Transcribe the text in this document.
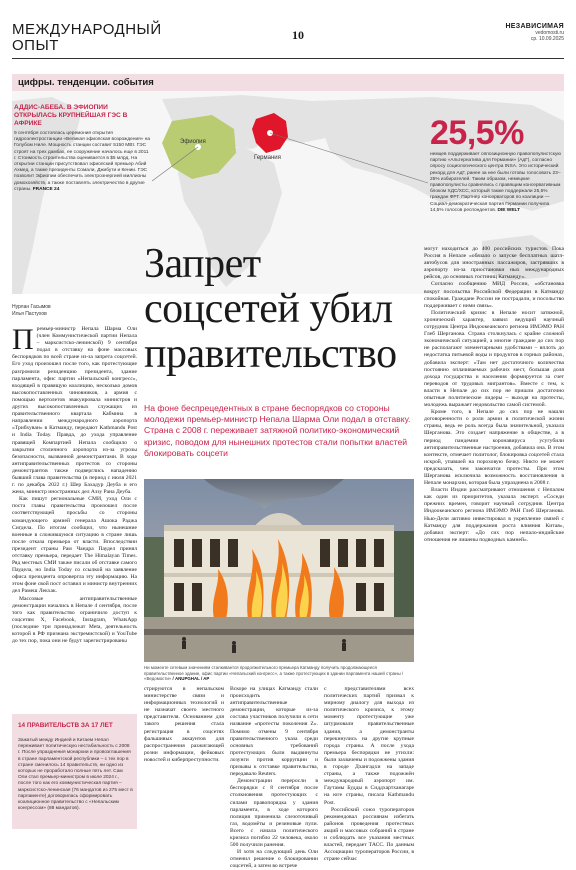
МЕЖДУНАРОДНЫЙ
ОПЫТ
10
НЕЗАВИСИМАЯ
vedomosti.ru
ср. 10.09.2025
цифры. тенденции. события
Эфиопия
Германия
АДДИС-АБЕБА. В ЭФИОПИИ ОТКРЫЛАСЬ КРУПНЕЙШАЯ ГЭС В АФРИКЕ
9 сентября состоялась церемония открытия гидроэлектростанции «Великая эфиопская возрождения» на Голубом Ниле. Мощность станции составит 5150 МВт. ГЭС строят на трех дамбах, ее сооружение началось еще в 2011 г. Стоимость строительства оценивается в $5 млрд. На открытии станции присутствовал эфиопский премьер Абий Ахмед, а также президенты Сомали, Джибути и Кении. ГЭС позволит Эфиопии обеспечить электроэнергией миллионы домохозяйств, а также поставлять электричество в другие страны. FRANCE 24
25,5%
немцев поддерживает оппозиционную правопопулистскую партию «Альтернатива для Германии» (АдГ), согласно опросу социологического центра INSA. Это исторический рекорд для АдГ, ранее за нее были готовы голосовать 23–25% избирателей. Таким образом, немецкие правопопулисты сравнялись с правящим консервативным блоком ХДС/ХСС, который также поддержали 25,5% граждан ФРГ. Партнер консерваторов по коалиции — Социал-демократическая партия Германии получила 14,5% голосов респондентов. DIE WELT
Нурлан Гасымов
Илья Пастухов
Запрет
соцсетей убил
правительство
На фоне беспрецедентных в стране беспорядков со стороны молодежи премьер-министр Непала Шарма Оли подал в отставку. Страна с 2008 г. переживает затяжной политико-экономический кризис, поводом для нынешних протестов стали попытки властей блокировать соцсети
П ремьер-министр Непала Шарма Оли (член Коммунистической партии Непала – марксистско-ленинской) 9 сентября подал в отставку на фоне массовых беспорядков по всей стране из-за запрета соцсетей. Его уход произошел после того, как протестующие разгромили резиденцию президента, здание парламента, офис партии «Непальский конгресс», входящей в правящую коалицию, несколько домов высокопоставленных чиновников, а армия с помощью вертолетов эвакуировала министров и других высокопоставленных служащих из правительственного квартала Кабмина в направлении международного аэропорта «Трибхуван» в Катманду, передают Kathmandu Post и India Today. Правда, до ухода управление правящей Компартией Непала сообщило о закрытии столичного аэропорта из-за угрозы безопасности, вызванной демонстрантами. В ходе антиправительственных протестов со стороны демонстрантов также подверглись нападению бывший глава правительства (в период с июля 2021 г. по декабрь 2022 г.) Шер Бахадур Деуба и его жена, министр иностранных дел Аззу Рана Деуба.

Как пишут региональные СМИ, уход Оли с поста главы правительства произошел после соответствующей просьбы со стороны командующего армией генерала Ашока Раджа Сигдела. По итогам сообщил, что нынешние военные в сложившуюся ситуацию в стране лишь после отказа премьера от власти. Впоследствии президент страны Рам Чандра Паудел принял отставку премьера, передает The Himalayan Times. Ряд местных СМИ также писали об отставке самого Паудела, но India Today со ссылкой на заявление офиса президента опровергла эту информацию. На этом фоне свой пост оставил и министр внутренних дел Рамеш Лекхак.

Массовые антиправительственные демонстрации начались в Непале 4 сентября, после того как правительство ограничило доступ к соцсетям X, Facebook, Instagram, WhatsApp (последние три принадлежат Meta, деятельность которой в РФ признана экстремистской) и YouTube до тех пор, пока они не будут зарегистрированы

Ни моменте сетевым значениям сталкивается продолжительного премьера Катманду получить продолжающееся правительственное здание, офис партии «Непальский конгресс», а также протестующих в здании парламента нашей страны / «Ведомости» / ANUPGHAL / AP

стрируются в непальском министерстве связи и информационных технологий и не назначат своего местного представителя. Основанием для такого решения стала регистрация в соцсетях фальшивых аккаунтов для распространения разжигающей розни информации, фейковых новостей и киберпреступности.

Вскоре на улицах Катманду стали происходить антиправительственные демонстрации, которые из-за состава участников получили в сети название «протесты поколения Z». Помимо отмены 9 сентября правительственного указа среди основных требований протестующих были выдвинуты лозунги против коррупции и призывы к отставке правительства, передавало Reuters.

Демонстрации переросли в беспорядки с 8 сентября после столкновения протестующих с силами правопорядка у здания парламента, в ходе которого полиция применила слезоточивый газ, водомёты и резиновые пули. Всего с начала политического кризиса погибло 22 человека, около 500 получили ранения.

И хотя на следующий день Оли отменил решение о блокировании соцсетей, а затем во встрече

с представителями всех политических партий призвал к мирному диалогу для выхода из политического кризиса, к этому моменту протестующие уже штурмовали правительственные здания, а демонстранты перекинулись на другие крупные города страны. А после ухода премьера беспорядки не утихли: были захвачены и подожжены здания в городе Дхангадхи на западе страны, а также подожжён международный аэропорт им. Гаутамы Будды в Сиддхартханагаре на юге страны, писала Kathmandu Post.

Российский союз туроператоров рекомендовал россиянам избегать районов проведения протестных акций и массовых собраний в стране и соблюдать все указания местных властей, передает ТАСС. По данным Ассоциации туроператоров России, в стране сейчас

могут находиться до 400 российских туристов. Пока Россия в Непале «обязало о запуске бесплатных шатл-автобусов для иностранных пассажиров, застрявших в аэропорту из-за приостановки ных международных рейсов, до основных гостиниц Катманду».

Согласно сообщению МИД России, «обстановка вокруг посольства Российской Федерации в Катманду спокойная. Граждане России не пострадали, и посольство поддерживает с ними связь».

Политический кризис в Непале носит затяжной, хронический характер, заявил ведущий научный сотрудник Центра Индоокеанского региона ИМЭМО РАН Глеб Шерганова. Страна столкнулась с крайне сложной экономической ситуацией, а многие граждане до сих пор не располагают элементарными удобствами – вплоть до недостатка питьевой воды и продуктов в горных районах, добавила эксперт: «Там нет достаточного количества постоянно оплачиваемых рабочих мест, большая доля дохода государства и населения формируется за счет переводов от трудовых мигрантов». Вместе с тем, к власти в Непале до сих пор не пришли достаточно опытные политические лидеры – выходя на протесты, молодежь выражает недовольство самой системой.

Кроме того, в Непале до сих пор не нашли договоренности о роли армии в политической жизни страны, ведь ее роль всегда была значительной, указала Шерганова. Это создает напряжение в обществе, а в период пандемии коронавируса усугубили антиправительственные настроения, добавила она. В этом контексте, отмечает политолог, блокировка соцсетей стала искрой, упавшей на пороховую бочку. Никто не может предсказать, чем закончатся протесты. При этом Шерганова исключила возможность восстановления в Непале монархии, которая была упразднена в 2008 г.

Власти Индии рассматривают отношения с Непалом как один из приоритетов, указала эксперт. «Соседи прежних времен, говорит научный сотрудник Центра Индоокеанского региона ИМЭМО РАН Глеб Шерганова. Нью-Дели активно инвестировал в укрепление связей с Катманду для поддержания роста влияния Китая», добавил эксперт: «До сих пор непало-индийские отношения не лишены подводных камней».

14 ПРАВИТЕЛЬСТВ ЗА 17 ЛЕТ
Зажатый между Индией и Китаем Непал переживает политическую нестабильность с 2008 г. После упразднения монархии и провозглашения в стране парламентской республики – с тех пор в стране сменилось 14 правительств, ни одно из которых не проработало полные пять лет. Сам Оли стал премьер-министром в июле 2024 г., после того как его коммунистическая партия – марксистско-ленинская (76 мандатов из 275 мест в парламенте) договорилась сформировать коалиционное правительство с «Непальским конгрессом» (88 мандатов).
